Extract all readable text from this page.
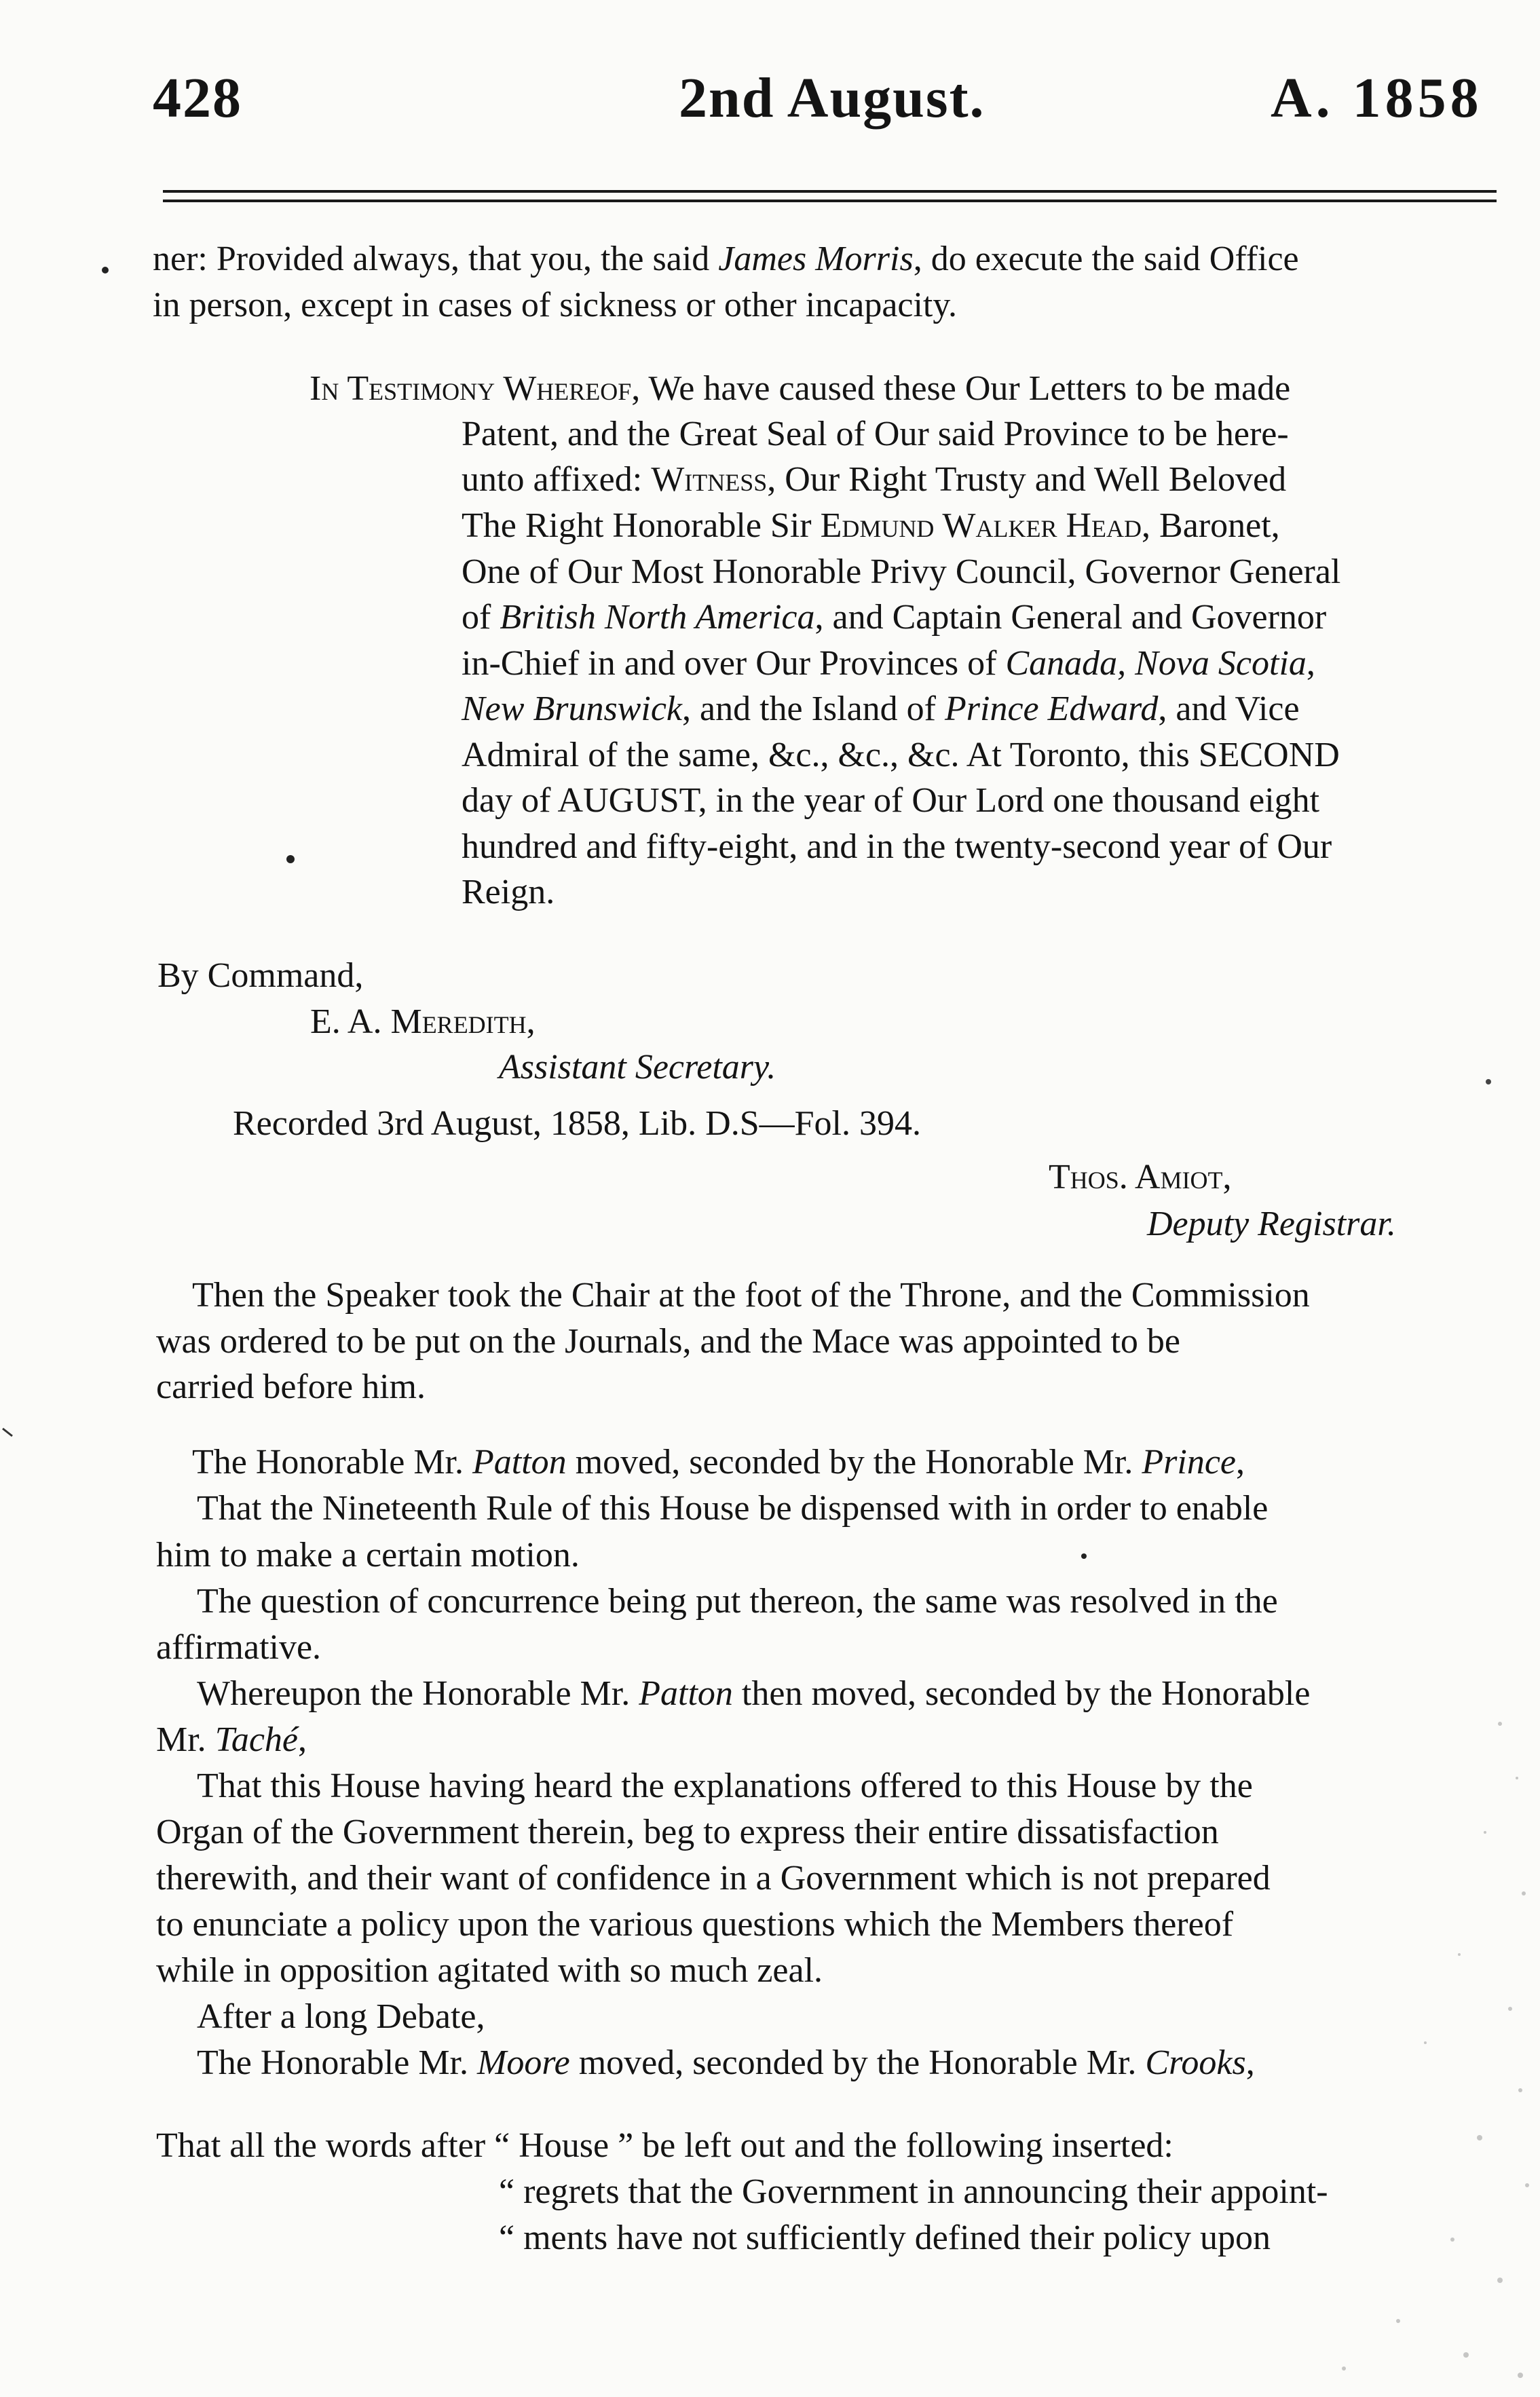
428	2nd August.	A. 1858
ner: Provided always, that you, the said James Morris, do execute the said Office
in person, except in cases of sickness or other incapacity.
In Testimony Whereof, We have caused these Our Letters to be made
Patent, and the Great Seal of Our said Province to be here-
unto affixed: Witness, Our Right Trusty and Well Beloved
The Right Honorable Sir Edmund Walker Head, Baronet,
One of Our Most Honorable Privy Council, Governor General
of British North America, and Captain General and Governor
in-Chief in and over Our Provinces of Canada, Nova Scotia,
New Brunswick, and the Island of Prince Edward, and Vice
Admiral of the same, &c., &c., &c. At Toronto, this SECOND
day of AUGUST, in the year of Our Lord one thousand eight
hundred and fifty-eight, and in the twenty-second year of Our
Reign.
By Command,
E. A. Meredith,
Assistant Secretary.
Recorded 3rd August, 1858, Lib. D.S—Fol. 394.
Thos. Amiot,
Deputy Registrar.
Then the Speaker took the Chair at the foot of the Throne, and the Commission
was ordered to be put on the Journals, and the Mace was appointed to be
carried before him.
The Honorable Mr. Patton moved, seconded by the Honorable Mr. Prince,
That the Nineteenth Rule of this House be dispensed with in order to enable
him to make a certain motion.
The question of concurrence being put thereon, the same was resolved in the
affirmative.
Whereupon the Honorable Mr. Patton then moved, seconded by the Honorable
Mr. Taché,
That this House having heard the explanations offered to this House by the
Organ of the Government therein, beg to express their entire dissatisfaction
therewith, and their want of confidence in a Government which is not prepared
to enunciate a policy upon the various questions which the Members thereof
while in opposition agitated with so much zeal.
After a long Debate,
The Honorable Mr. Moore moved, seconded by the Honorable Mr. Crooks,
That all the words after “ House ” be left out and the following inserted:
“ regrets that the Government in announcing their appoint-
“ ments have not sufficiently defined their policy upon
